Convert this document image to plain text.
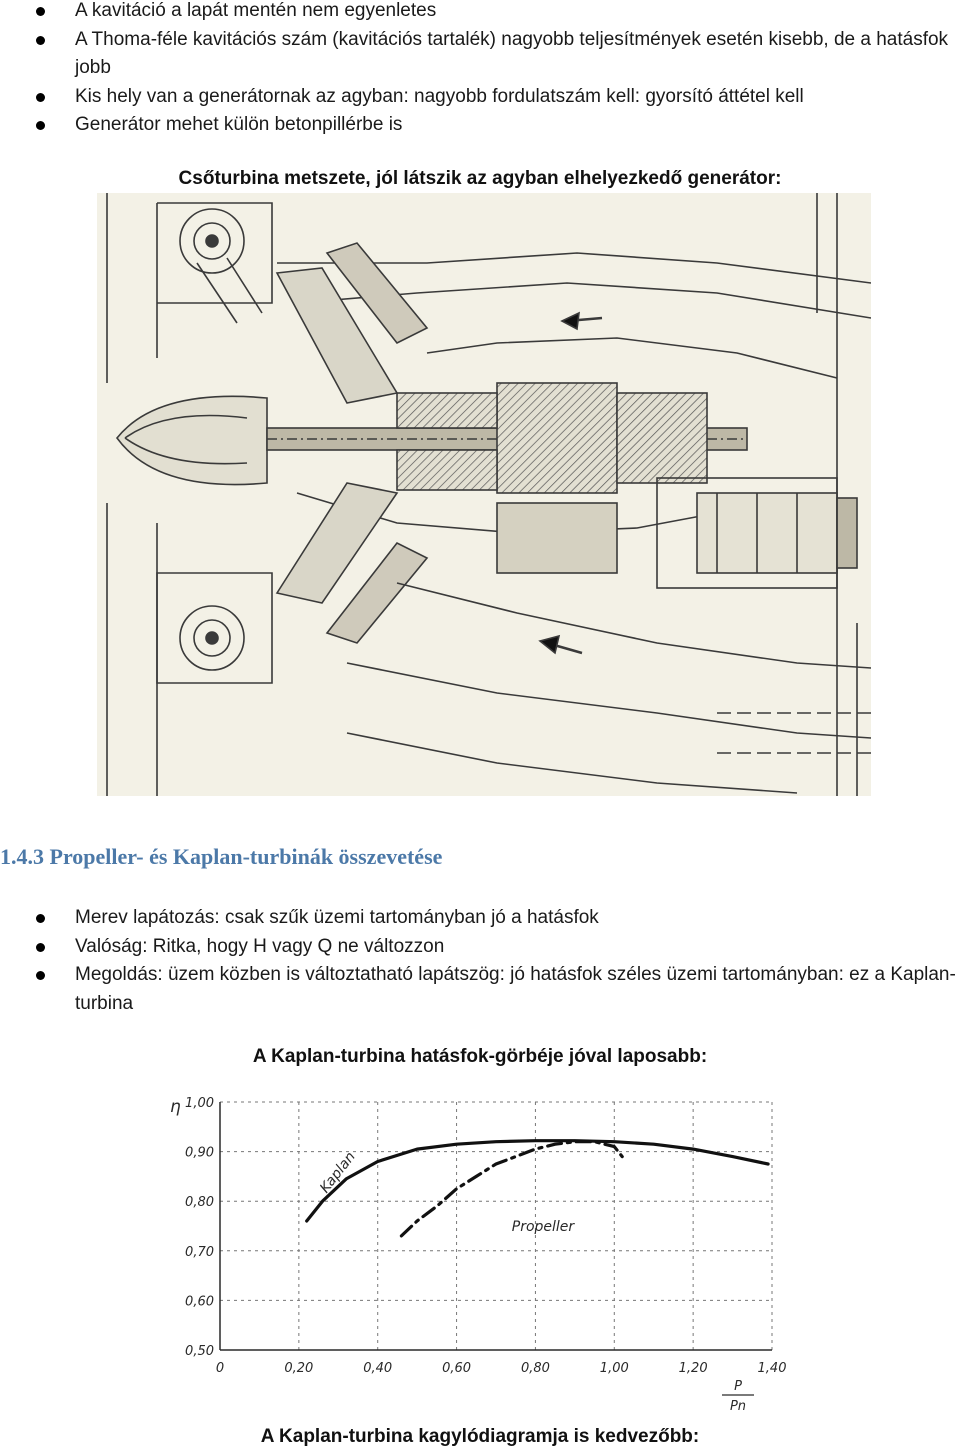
A kavitáció a lapát mentén nem egyenletes
A Thoma-féle kavitációs szám (kavitációs tartalék) nagyobb teljesítmények esetén kisebb, de a hatásfok jobb
Kis hely van a generátornak az agyban: nagyobb fordulatszám kell: gyorsító áttétel kell
Generátor mehet külön betonpillérbe is
Csőturbina metszete, jól látszik az agyban elhelyezkedő generátor:
1.4.3 Propeller- és Kaplan-turbinák összevetése
Merev lapátozás: csak szűk üzemi tartományban jó a hatásfok
Valóság: Ritka, hogy H vagy Q ne változzon
Megoldás: üzem közben is változtatható lapátszög: jó hatásfok széles üzemi tartományban: ez a Kaplan-turbina
A Kaplan-turbina hatásfok-görbéje jóval laposabb:
0,50
0,60
0,70
0,80
0,90
1,00
0	0,20	0,40	0,60	0,80	1,00	1,20	1,40
η
P
Pn
Kaplan
Propeller
A Kaplan-turbina kagylódiagramja is kedvezőbb:
